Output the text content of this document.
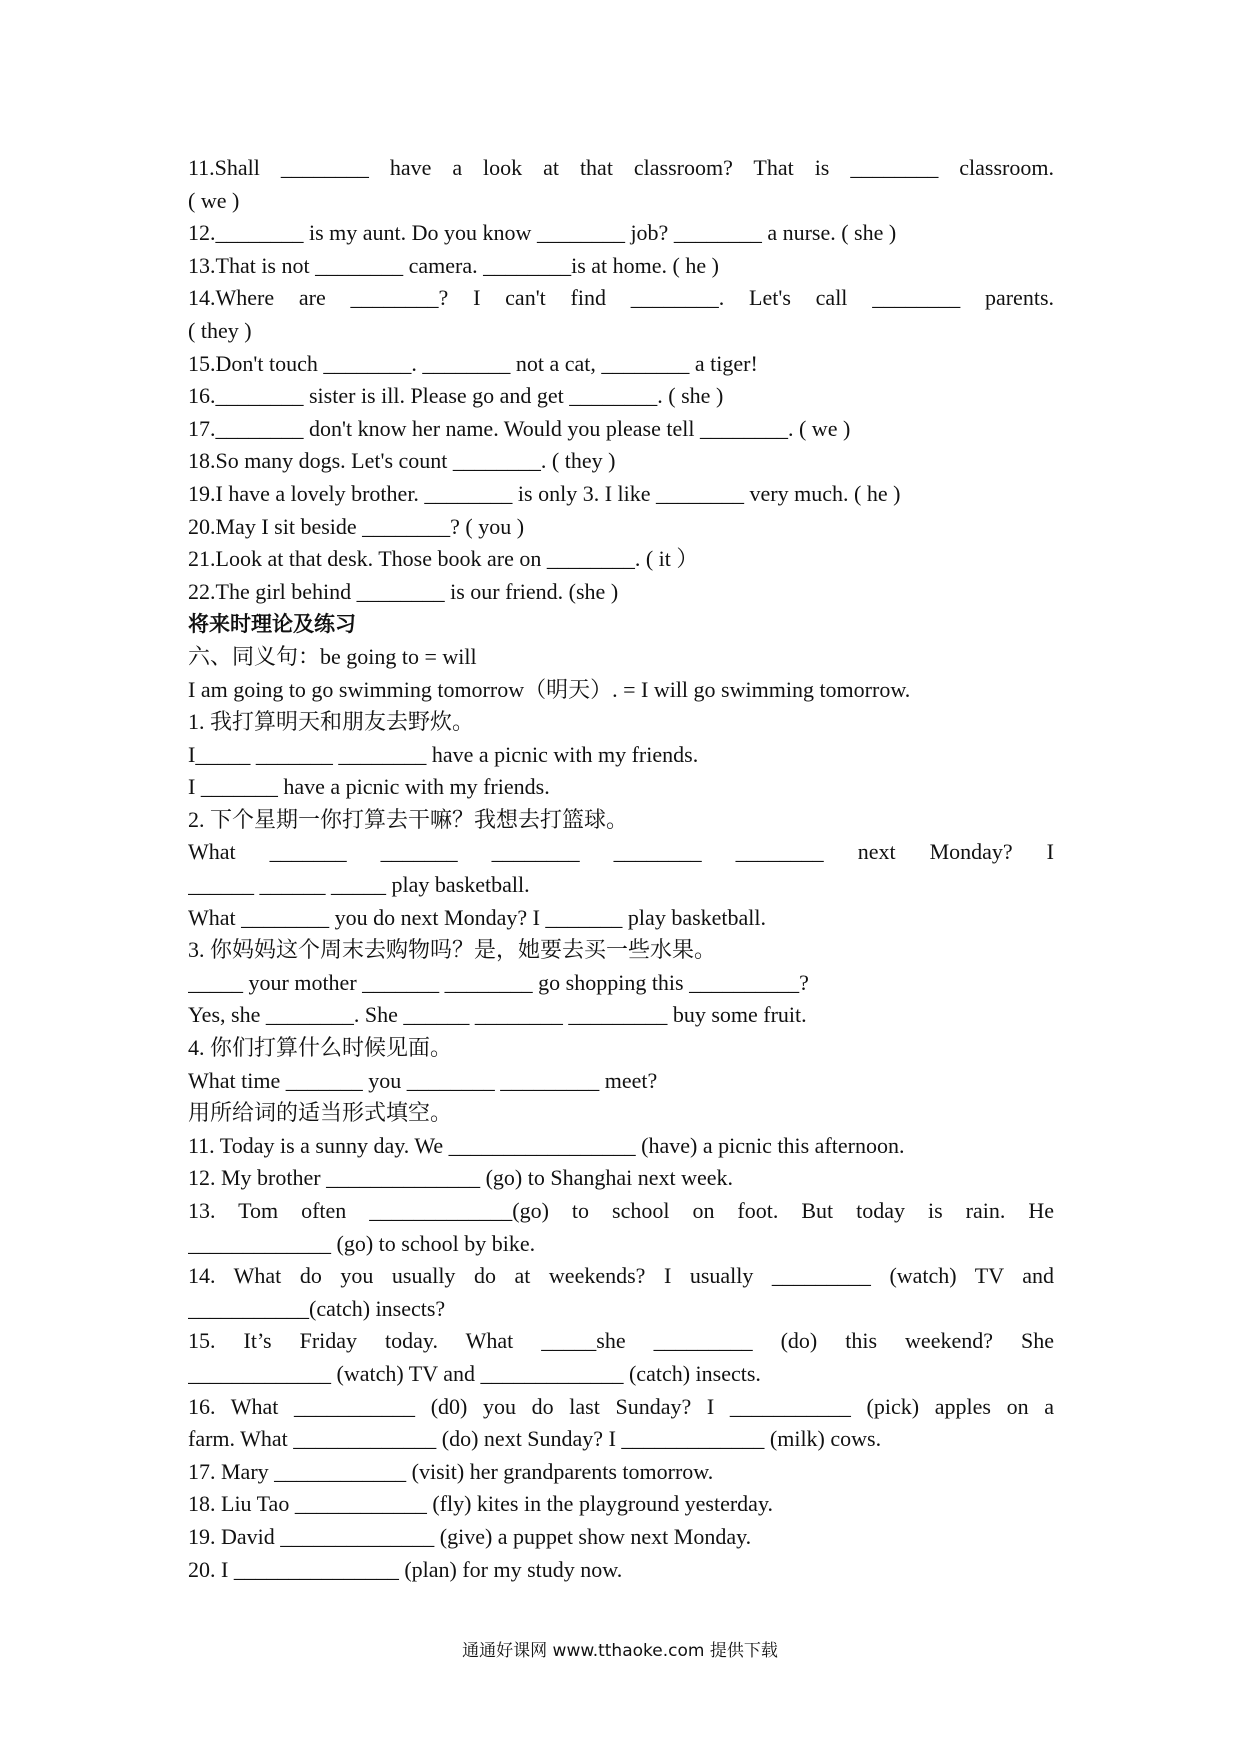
11.Shall ________ have a look at that classroom? That is ________ classroom.
( we )
12.________ is my aunt. Do you know ________ job? ________ a nurse. ( she )
13.That is not ________ camera. ________is at home. ( he )
14.Where are ________? I can't find ________. Let's call ________ parents.
( they )
15.Don't touch ________. ________ not a cat, ________ a tiger!
16.________ sister is ill. Please go and get ________. ( she )
17.________ don't know her name. Would you please tell ________. ( we )
18.So many dogs. Let's count ________. ( they )
19.I have a lovely brother. ________ is only 3. I like ________ very much. ( he )
20.May I sit beside ________? ( you )
21.Look at that desk. Those book are on ________. ( it ）
22.The girl behind ________ is our friend. (she )
将来时理论及练习
六、同义句：be going to = will
I am going to go swimming tomorrow（明天）. = I will go swimming tomorrow.
1. 我打算明天和朋友去野炊。
I_____ _______ ________ have a picnic with my friends.
I _______ have a picnic with my friends.
2. 下个星期一你打算去干嘛？我想去打篮球。
What _______ _______ ________ ________ ________ next Monday? I
______ ______ _____ play basketball.
What ________ you do next Monday? I _______ play basketball.
3. 你妈妈这个周末去购物吗？是，她要去买一些水果。
_____ your mother _______ ________ go shopping this __________?
Yes, she ________. She ______ ________ _________ buy some fruit.
4. 你们打算什么时候见面。
What time _______ you ________ _________ meet?
用所给词的适当形式填空。
11. Today is a sunny day. We _________________ (have) a picnic this afternoon.
12. My brother ______________ (go) to Shanghai next week.
13. Tom often _____________(go) to school on foot. But today is rain. He
_____________ (go) to school by bike.
14. What do you usually do at weekends? I usually _________ (watch) TV and
___________(catch) insects?
15. It’s Friday today. What _____she _________ (do) this weekend? She
_____________ (watch) TV and _____________ (catch) insects.
16. What ___________ (d0) you do last Sunday? I ___________ (pick) apples on a
farm. What _____________ (do) next Sunday? I _____________ (milk) cows.
17. Mary ____________ (visit) her grandparents tomorrow.
18. Liu Tao ____________ (fly) kites in the playground yesterday.
19. David ______________ (give) a puppet show next Monday.
20. I _______________ (plan) for my study now.
通通好课网 www.tthaoke.com 提供下载
